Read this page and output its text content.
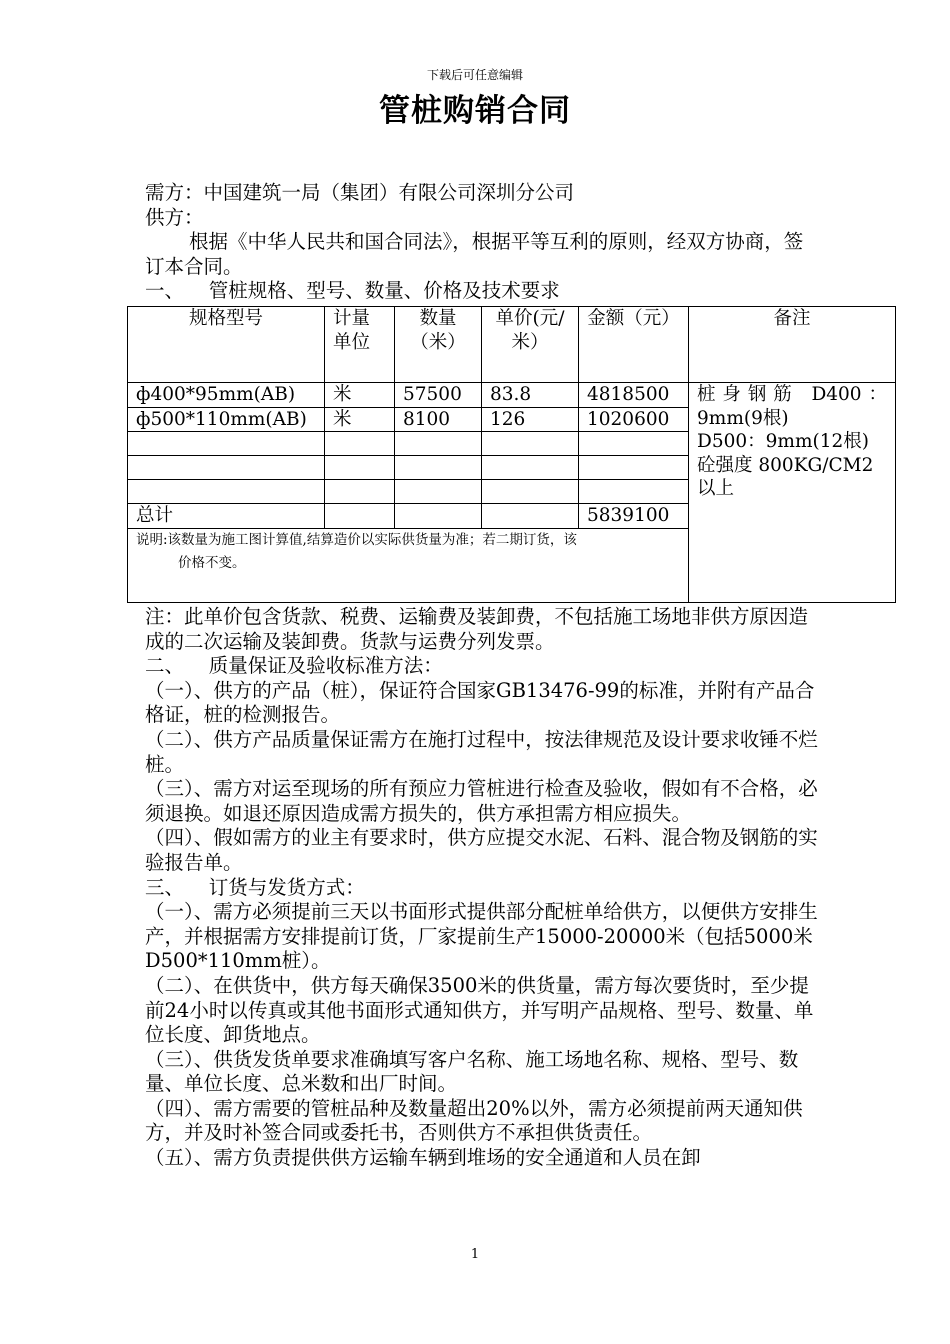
下载后可任意编辑
管桩购销合同

需方：中国建筑一局（集团）有限公司深圳分公司

供方：

根据《中华人民共和国合同法》，根据平等互利的原则，经双方协商，签订本合同。

一、    管桩规格、型号、数量、价格及技术要求

规格型号	计量单位	数量（米）	单价(元/米）	金额（元）	备注
ф400*95mm(AB)	米	57500	83.8	4818500	桩身钢筋 D400：9mm(9根)
D500：9mm(12根)
砼强度 800KG/CM2以上

ф500*110mm(AB)	米	8100	126	1020600	

总计				5839100	

说明:该数量为施工图计算值,结算造价以实际供货量为准；若二期订货，该
价格不变。					

注：此单价包含货款、税费、运输费及装卸费，不包括施工场地非供方原因造成的二次运输及装卸费。货款与运费分列发票。

二、    质量保证及验收标准方法：

（一）、供方的产品（桩），保证符合国家GB13476-99的标准，并附有产品合格证，桩的检测报告。

（二）、供方产品质量保证需方在施打过程中，按法律规范及设计要求收锤不烂桩。

（三）、需方对运至现场的所有预应力管桩进行检查及验收，假如有不合格，必须退换。如退还原因造成需方损失的，供方承担需方相应损失。

（四）、假如需方的业主有要求时，供方应提交水泥、石料、混合物及钢筋的实验报告单。

三、    订货与发货方式：

（一）、需方必须提前三天以书面形式提供部分配桩单给供方，以便供方安排生产，并根据需方安排提前订货，厂家提前生产15000-20000米（包括5000米D500*110mm桩）。

（二）、在供货中，供方每天确保3500米的供货量，需方每次要货时，至少提前24小时以传真或其他书面形式通知供方，并写明产品规格、型号、数量、单位长度、卸货地点。

（三）、供货发货单要求准确填写客户名称、施工场地名称、规格、型号、数量、单位长度、总米数和出厂时间。

（四）、需方需要的管桩品种及数量超出20%以外，需方必须提前两天通知供方，并及时补签合同或委托书，否则供方不承担供货责任。

（五）、需方负责提供供方运输车辆到堆场的安全通道和人员在卸

1
